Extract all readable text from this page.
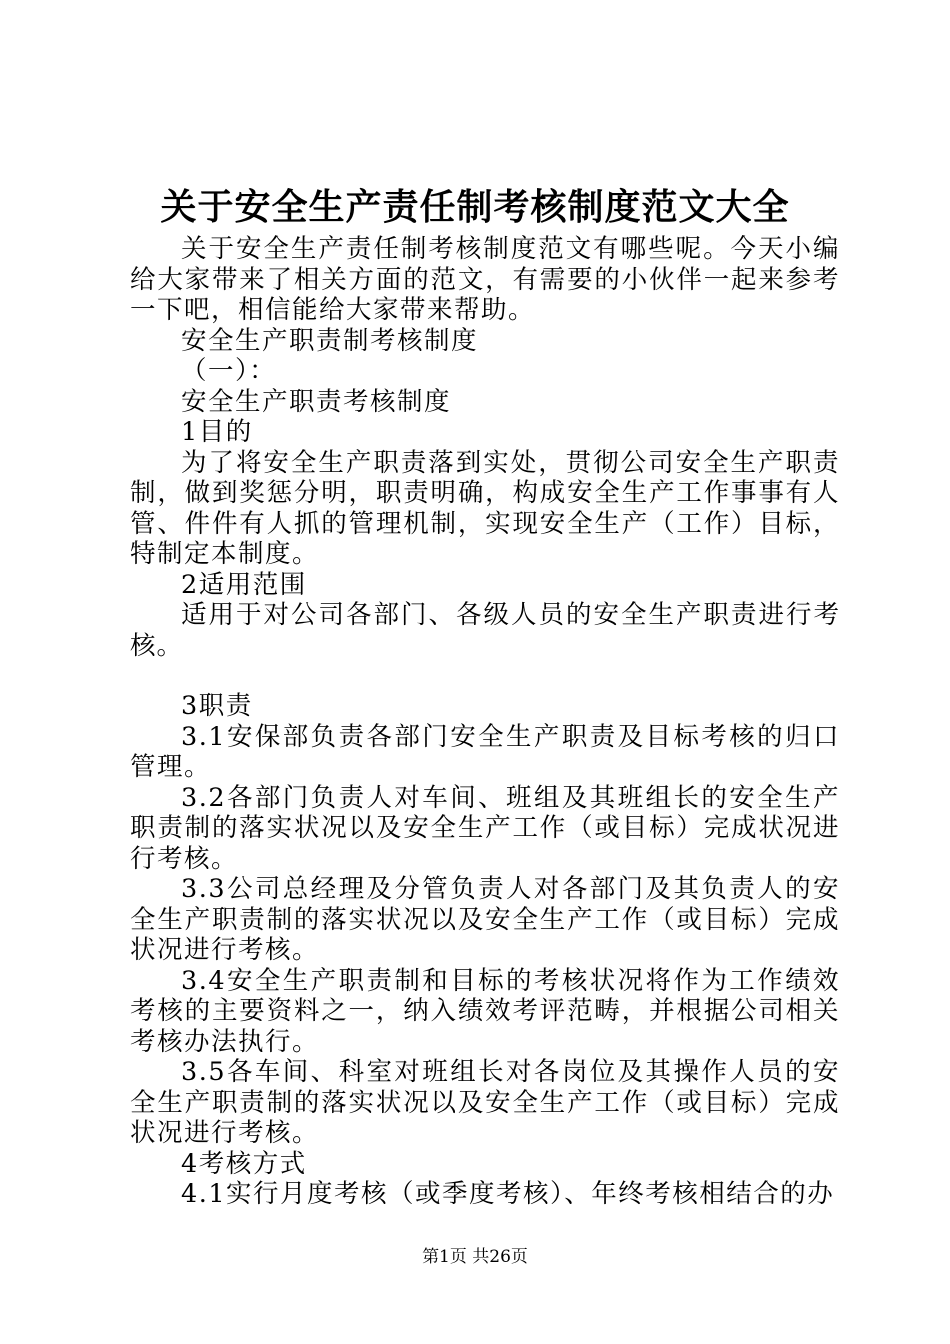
关于安全生产责任制考核制度范文大全

关于安全生产责任制考核制度范文有哪些呢。今天小编给大家带来了相关方面的范文，有需要的小伙伴一起来参考一下吧，相信能给大家带来帮助。

安全生产职责制考核制度

（一）：

安全生产职责考核制度

1目的

为了将安全生产职责落到实处，贯彻公司安全生产职责制，做到奖惩分明，职责明确，构成安全生产工作事事有人管、件件有人抓的管理机制，实现安全生产（工作）目标，特制定本制度。

2适用范围

适用于对公司各部门、各级人员的安全生产职责进行考核。

3职责

3.1安保部负责各部门安全生产职责及目标考核的归口管理。

3.2各部门负责人对车间、班组及其班组长的安全生产职责制的落实状况以及安全生产工作（或目标）完成状况进行考核。

3.3公司总经理及分管负责人对各部门及其负责人的安全生产职责制的落实状况以及安全生产工作（或目标）完成状况进行考核。

3.4安全生产职责制和目标的考核状况将作为工作绩效考核的主要资料之一，纳入绩效考评范畴，并根据公司相关考核办法执行。

3.5各车间、科室对班组长对各岗位及其操作人员的安全生产职责制的落实状况以及安全生产工作（或目标）完成状况进行考核。

4考核方式

4.1实行月度考核（或季度考核）、年终考核相结合的办

第1页 共26页
